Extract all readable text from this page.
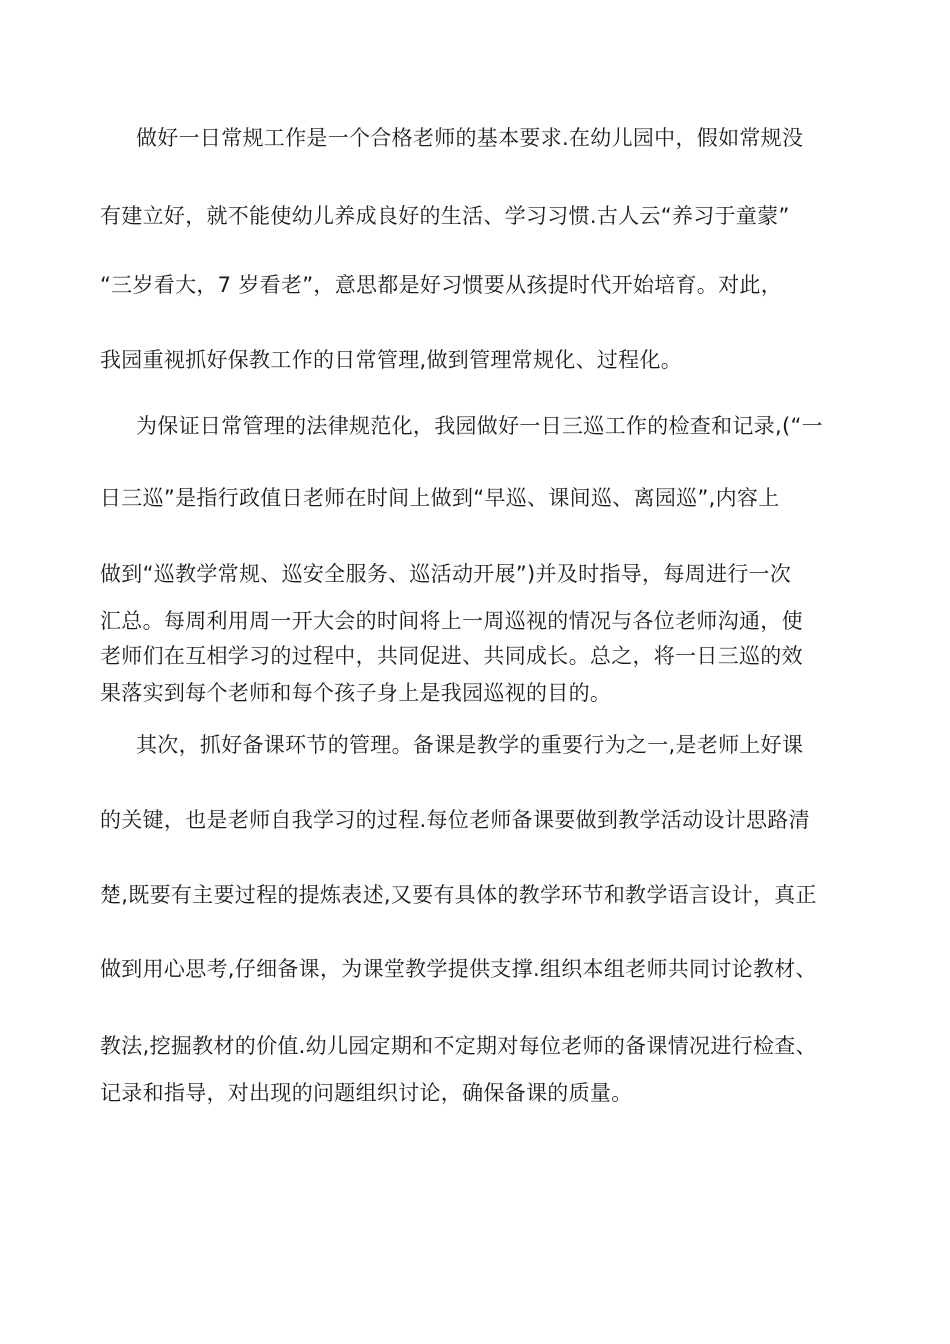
做好一日常规工作是一个合格老师的基本要求.在幼儿园中，假如常规没
有建立好，就不能使幼儿养成良好的生活、学习习惯.古人云“养习于童蒙”
“三岁看大，7 岁看老”，意思都是好习惯要从孩提时代开始培育。对此，
我园重视抓好保教工作的日常管理,做到管理常规化、过程化。
为保证日常管理的法律规范化，我园做好一日三巡工作的检查和记录,(“一
日三巡”是指行政值日老师在时间上做到“早巡、课间巡、离园巡”,内容上
做到“巡教学常规、巡安全服务、巡活动开展”)并及时指导，每周进行一次
汇总。每周利用周一开大会的时间将上一周巡视的情况与各位老师沟通，使
老师们在互相学习的过程中，共同促进、共同成长。总之，将一日三巡的效
果落实到每个老师和每个孩子身上是我园巡视的目的。
其次，抓好备课环节的管理。备课是教学的重要行为之一,是老师上好课
的关键，也是老师自我学习的过程.每位老师备课要做到教学活动设计思路清
楚,既要有主要过程的提炼表述,又要有具体的教学环节和教学语言设计，真正
做到用心思考,仔细备课，为课堂教学提供支撑.组织本组老师共同讨论教材、
教法,挖掘教材的价值.幼儿园定期和不定期对每位老师的备课情况进行检查、
记录和指导，对出现的问题组织讨论，确保备课的质量。
